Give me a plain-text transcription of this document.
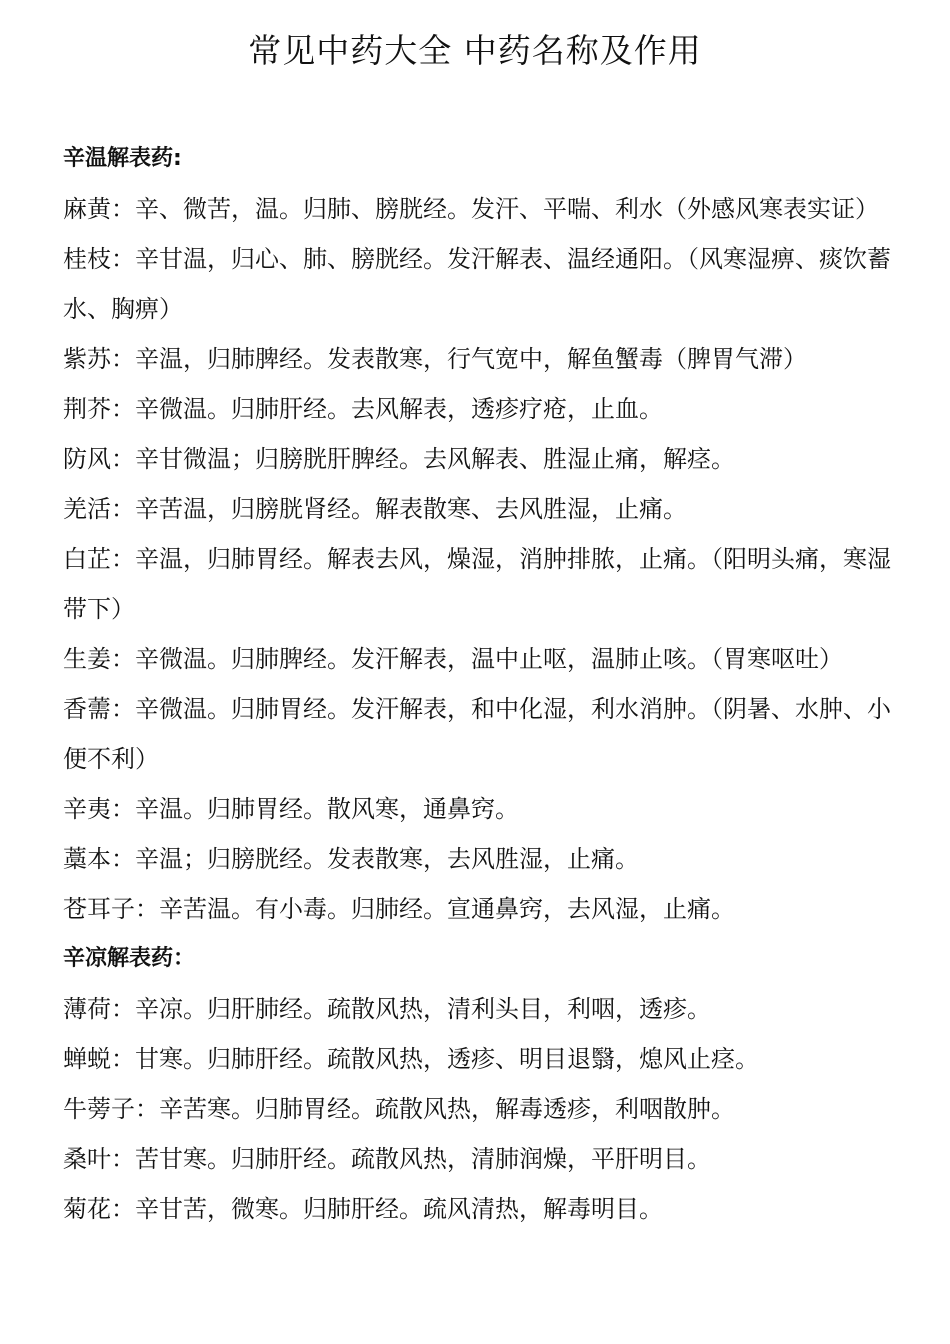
常见中药大全 中药名称及作用

辛温解表药:

麻黄：辛、微苦，温。归肺、膀胱经。发汗、平喘、利水（外感风寒表实证）

桂枝：辛甘温，归心、肺、膀胱经。发汗解表、温经通阳。（风寒湿痹、痰饮蓄水、胸痹）

紫苏：辛温，归肺脾经。发表散寒，行气宽中，解鱼蟹毒（脾胃气滞）

荆芥：辛微温。归肺肝经。去风解表，透疹疗疮，止血。

防风：辛甘微温；归膀胱肝脾经。去风解表、胜湿止痛，解痉。

羌活：辛苦温，归膀胱肾经。解表散寒、去风胜湿，止痛。

白芷：辛温，归肺胃经。解表去风，燥湿，消肿排脓，止痛。（阳明头痛，寒湿带下）

生姜：辛微温。归肺脾经。发汗解表，温中止呕，温肺止咳。（胃寒呕吐）

香薷：辛微温。归肺胃经。发汗解表，和中化湿，利水消肿。（阴暑、水肿、小便不利）

辛夷：辛温。归肺胃经。散风寒，通鼻窍。

藁本：辛温；归膀胱经。发表散寒，去风胜湿，止痛。

苍耳子：辛苦温。有小毒。归肺经。宣通鼻窍，去风湿，止痛。

辛凉解表药：

薄荷：辛凉。归肝肺经。疏散风热，清利头目，利咽，透疹。

蝉蜕：甘寒。归肺肝经。疏散风热，透疹、明目退翳，熄风止痉。

牛蒡子：辛苦寒。归肺胃经。疏散风热，解毒透疹，利咽散肿。

桑叶：苦甘寒。归肺肝经。疏散风热，清肺润燥，平肝明目。

菊花：辛甘苦，微寒。归肺肝经。疏风清热，解毒明目。
